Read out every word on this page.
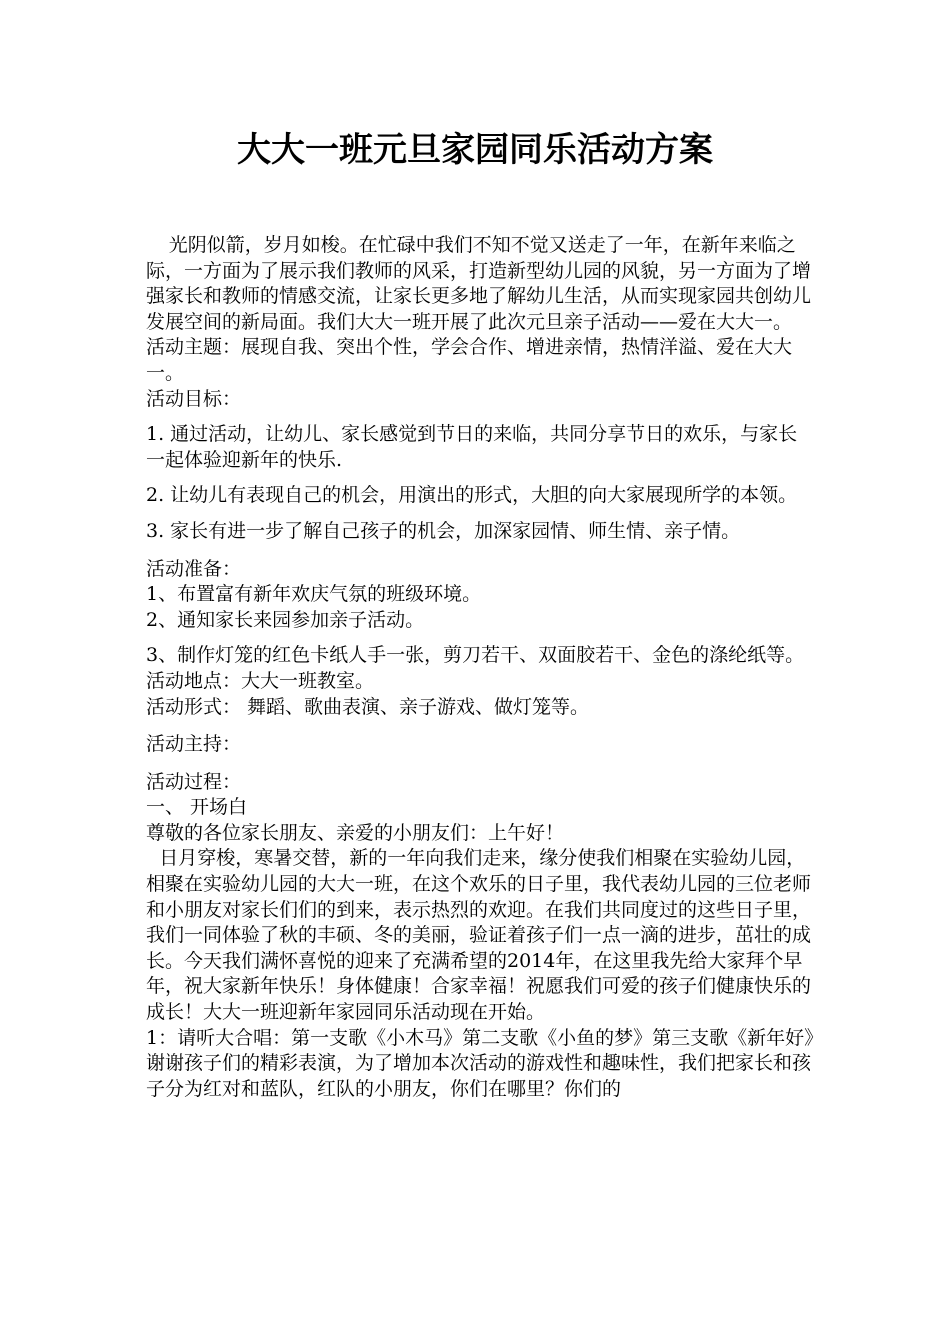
大大一班元旦家园同乐活动方案

光阴似箭，岁月如梭。在忙碌中我们不知不觉又送走了一年，在新年来临之际，一方面为了展示我们教师的风采，打造新型幼儿园的风貌，另一方面为了增强家长和教师的情感交流，让家长更多地了解幼儿生活，从而实现家园共创幼儿发展空间的新局面。我们大大一班开展了此次元旦亲子活动——爱在大大一。

活动主题：展现自我、突出个性，学会合作、增进亲情，热情洋溢、爱在大大一。

活动目标：

1. 通过活动，让幼儿、家长感觉到节日的来临，共同分享节日的欢乐，与家长一起体验迎新年的快乐.

2. 让幼儿有表现自己的机会，用演出的形式，大胆的向大家展现所学的本领。

3. 家长有进一步了解自己孩子的机会，加深家园情、师生情、亲子情。

活动准备：

1、布置富有新年欢庆气氛的班级环境。

2、通知家长来园参加亲子活动。

3、制作灯笼的红色卡纸人手一张，剪刀若干、双面胶若干、金色的涤纶纸等。

活动地点：大大一班教室。

活动形式： 舞蹈、歌曲表演、亲子游戏、做灯笼等。

活动主持：

活动过程：

一、 开场白

尊敬的各位家长朋友、亲爱的小朋友们：上午好！

日月穿梭，寒暑交替，新的一年向我们走来，缘分使我们相聚在实验幼儿园，相聚在实验幼儿园的大大一班，在这个欢乐的日子里，我代表幼儿园的三位老师和小朋友对家长们们的到来，表示热烈的欢迎。在我们共同度过的这些日子里，我们一同体验了秋的丰硕、冬的美丽，验证着孩子们一点一滴的进步，茁壮的成长。今天我们满怀喜悦的迎来了充满希望的2014年，在这里我先给大家拜个早年，祝大家新年快乐！身体健康！合家幸福！祝愿我们可爱的孩子们健康快乐的成长！大大一班迎新年家园同乐活动现在开始。

1：请听大合唱：第一支歌《小木马》第二支歌《小鱼的梦》第三支歌《新年好》

谢谢孩子们的精彩表演，为了增加本次活动的游戏性和趣味性，我们把家长和孩子分为红对和蓝队，红队的小朋友，你们在哪里？你们的
